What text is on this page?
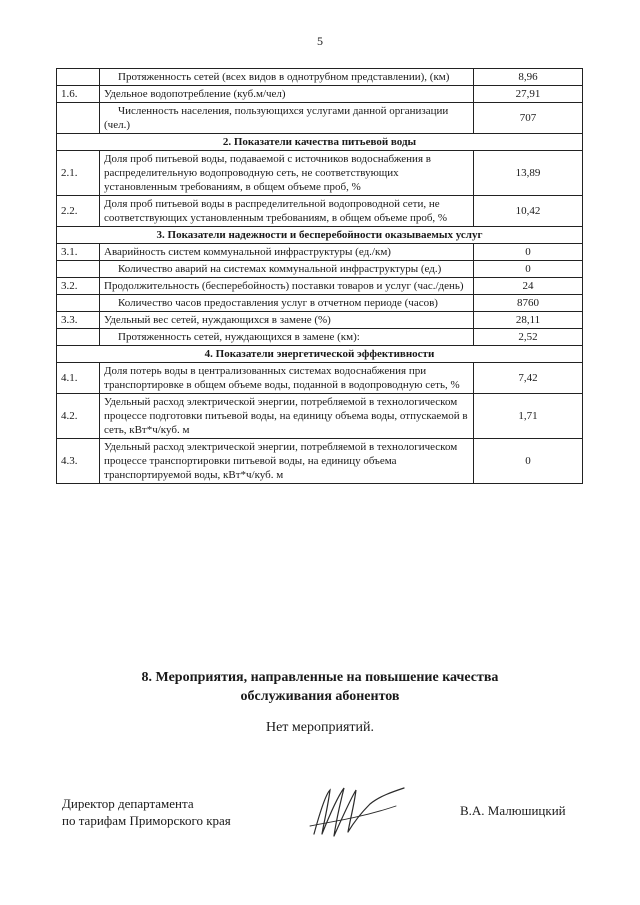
5
	Протяженность сетей (всех видов в однотрубном представлении), (км)	8,96
1.6.	Удельное водопотребление (куб.м/чел)	27,91
	Численность населения, пользующихся услугами данной организации (чел.)	707
2. Показатели качества питьевой воды		
2.1.	Доля проб питьевой воды, подаваемой с источников водоснабжения в распределительную водопроводную сеть, не соответствующих установленным требованиям, в общем объеме проб, %	13,89
2.2.	Доля проб питьевой воды в распределительной водопроводной сети, не соответствующих установленным требованиям, в общем объеме проб, %	10,42
3. Показатели надежности и бесперебойности оказываемых услуг		
3.1.	Аварийность систем коммунальной инфраструктуры (ед./км)	0
	Количество аварий на системах коммунальной инфраструктуры (ед.)	0
3.2.	Продолжительность (бесперебойность) поставки товаров и услуг (час./день)	24
	Количество часов предоставления услуг в отчетном периоде (часов)	8760
3.3.	Удельный вес сетей, нуждающихся в замене (%)	28,11
	Протяженность сетей, нуждающихся в замене (км):	2,52
4. Показатели энергетической эффективности		
4.1.	Доля потерь воды в централизованных системах водоснабжения при транспортировке в общем объеме воды, поданной в водопроводную сеть, %	7,42
4.2.	Удельный расход электрической энергии, потребляемой в технологическом процессе подготовки питьевой воды, на единицу объема воды, отпускаемой в сеть, кВт*ч/куб. м	1,71
4.3.	Удельный расход электрической энергии, потребляемой в технологическом процессе транспортировки питьевой воды, на единицу объема транспортируемой воды, кВт*ч/куб. м	0
8. Мероприятия, направленные на повышение качества
обслуживания абонентов
Нет мероприятий.
Директор департамента
по тарифам Приморского края
В.А. Малюшицкий
